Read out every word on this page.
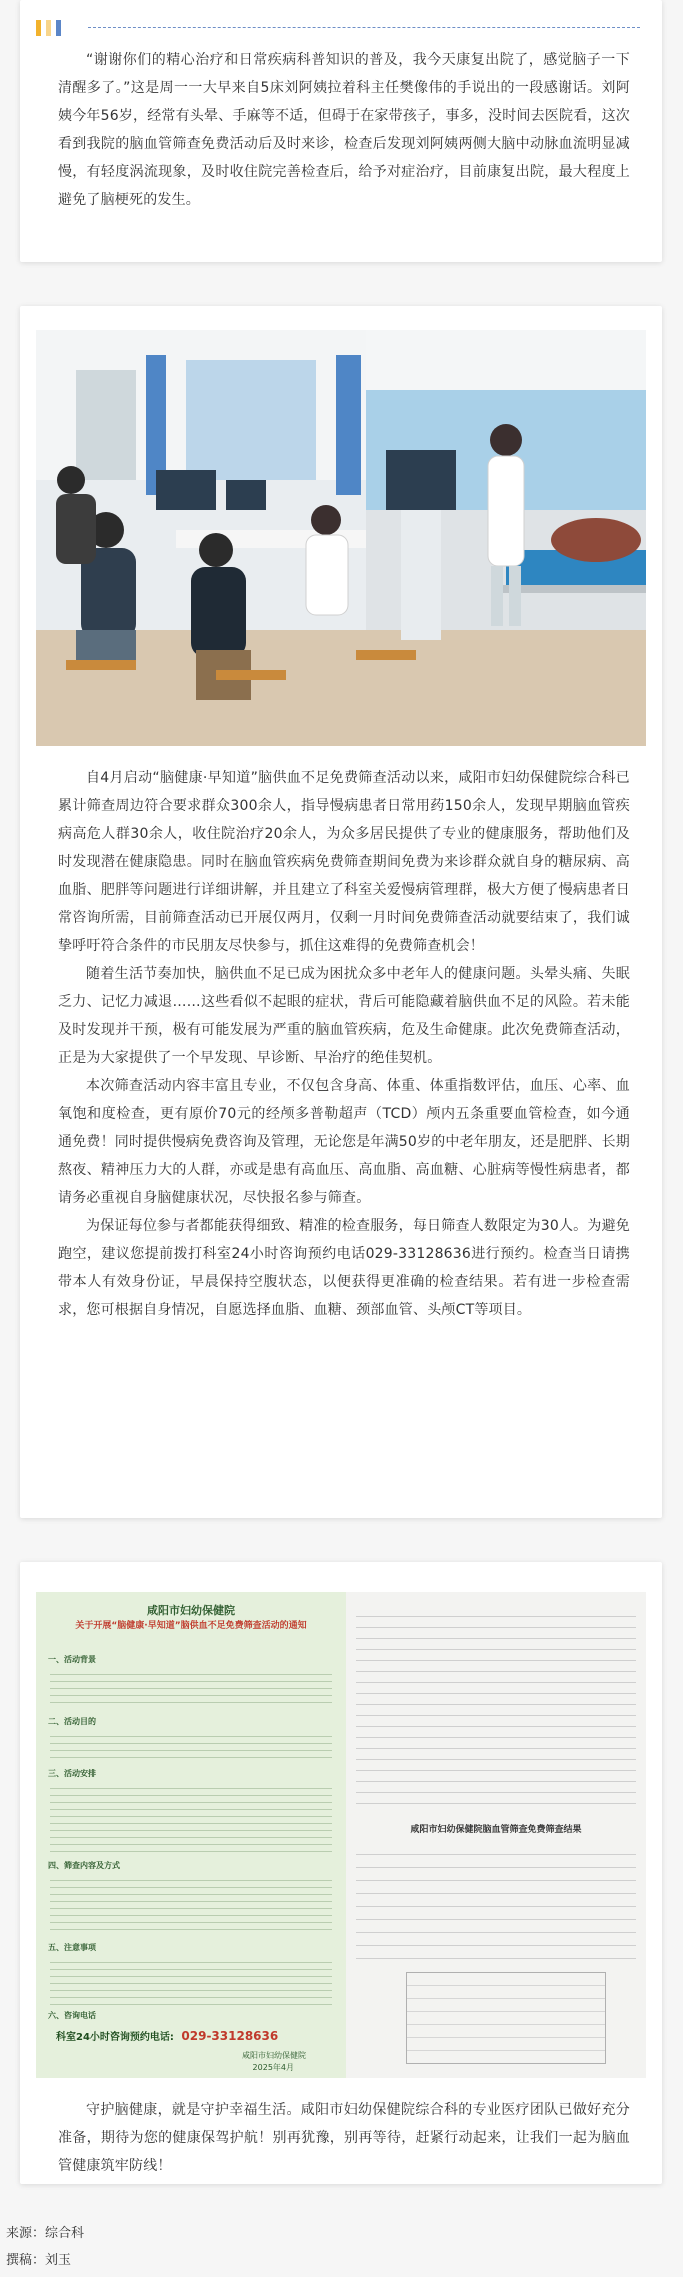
“谢谢你们的精心治疗和日常疾病科普知识的普及，我今天康复出院了，感觉脑子一下清醒多了。”这是周一一大早来自5床刘阿姨拉着科主任樊像伟的手说出的一段感谢话。刘阿姨今年56岁，经常有头晕、手麻等不适，但碍于在家带孩子，事多，没时间去医院看，这次看到我院的脑血管筛查免费活动后及时来诊，检查后发现刘阿姨两侧大脑中动脉血流明显减慢，有轻度涡流现象，及时收住院完善检查后，给予对症治疗，目前康复出院，最大程度上避免了脑梗死的发生。

自4月启动“脑健康·早知道”脑供血不足免费筛查活动以来，咸阳市妇幼保健院综合科已累计筛查周边符合要求群众300余人，指导慢病患者日常用药150余人，发现早期脑血管疾病高危人群30余人，收住院治疗20余人，为众多居民提供了专业的健康服务，帮助他们及时发现潜在健康隐患。同时在脑血管疾病免费筛查期间免费为来诊群众就自身的糖尿病、高血脂、肥胖等问题进行详细讲解，并且建立了科室关爱慢病管理群，极大方便了慢病患者日常咨询所需，目前筛查活动已开展仅两月，仅剩一月时间免费筛查活动就要结束了，我们诚挚呼吁符合条件的市民朋友尽快参与，抓住这难得的免费筛查机会！

随着生活节奏加快，脑供血不足已成为困扰众多中老年人的健康问题。头晕头痛、失眠乏力、记忆力减退……这些看似不起眼的症状，背后可能隐藏着脑供血不足的风险。若未能及时发现并干预，极有可能发展为严重的脑血管疾病，危及生命健康。此次免费筛查活动，正是为大家提供了一个早发现、早诊断、早治疗的绝佳契机。

本次筛查活动内容丰富且专业，不仅包含身高、体重、体重指数评估，血压、心率、血氧饱和度检查，更有原价70元的经颅多普勒超声（TCD）颅内五条重要血管检查，如今通通免费！同时提供慢病免费咨询及管理，无论您是年满50岁的中老年朋友，还是肥胖、长期熬夜、精神压力大的人群，亦或是患有高血压、高血脂、高血糖、心脏病等慢性病患者，都请务必重视自身脑健康状况，尽快报名参与筛查。

为保证每位参与者都能获得细致、精准的检查服务，每日筛查人数限定为30人。为避免跑空，建议您提前拨打科室24小时咨询预约电话029-33128636进行预约。检查当日请携带本人有效身份证，早晨保持空腹状态，以便获得更准确的检查结果。若有进一步检查需求，您可根据自身情况，自愿选择血脂、血糖、颈部血管、头颅CT等项目。

咸阳市妇幼保健院
关于开展“脑健康·早知道”脑供血不足免费筛查活动的通知
一、活动背景
二、活动目的
三、活动安排
四、筛查内容及方式
五、注意事项
六、咨询电话
科室24小时咨询预约电话: 029-33128636
咸阳市妇幼保健院
2025年4月
咸阳市妇幼保健院脑血管筛查免费筛查结果

守护脑健康，就是守护幸福生活。咸阳市妇幼保健院综合科的专业医疗团队已做好充分准备，期待为您的健康保驾护航！别再犹豫，别再等待，赶紧行动起来，让我们一起为脑血管健康筑牢防线！

来源：综合科
撰稿：刘玉
